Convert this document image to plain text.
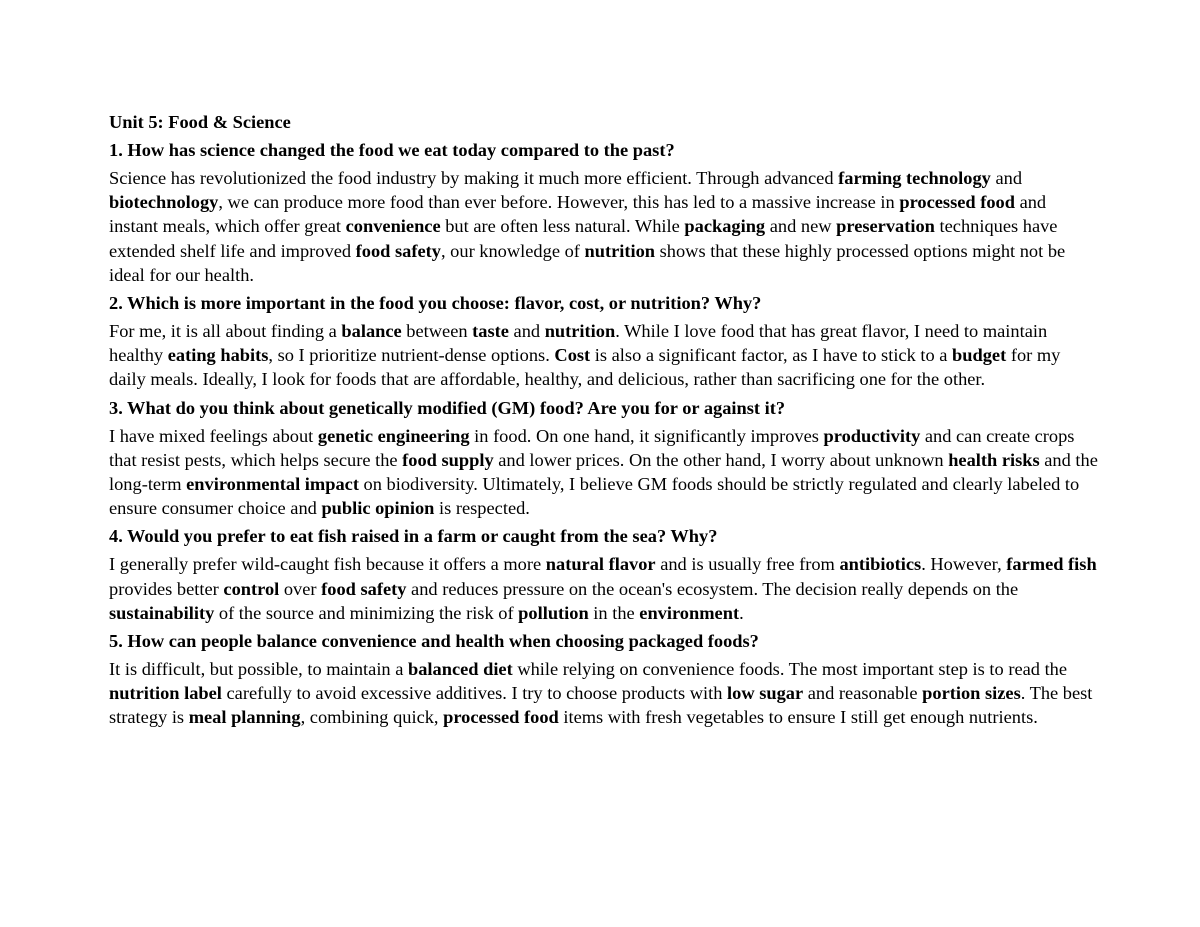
Unit 5: Food & Science

1. How has science changed the food we eat today compared to the past?

Science has revolutionized the food industry by making it much more efficient. Through advanced farming technology and biotechnology, we can produce more food than ever before. However, this has led to a massive increase in processed food and instant meals, which offer great convenience but are often less natural. While packaging and new preservation techniques have extended shelf life and improved food safety, our knowledge of nutrition shows that these highly processed options might not be ideal for our health.

2. Which is more important in the food you choose: flavor, cost, or nutrition? Why?

For me, it is all about finding a balance between taste and nutrition. While I love food that has great flavor, I need to maintain healthy eating habits, so I prioritize nutrient-dense options. Cost is also a significant factor, as I have to stick to a budget for my daily meals. Ideally, I look for foods that are affordable, healthy, and delicious, rather than sacrificing one for the other.

3. What do you think about genetically modified (GM) food? Are you for or against it?

I have mixed feelings about genetic engineering in food. On one hand, it significantly improves productivity and can create crops that resist pests, which helps secure the food supply and lower prices. On the other hand, I worry about unknown health risks and the long-term environmental impact on biodiversity. Ultimately, I believe GM foods should be strictly regulated and clearly labeled to ensure consumer choice and public opinion is respected.

4. Would you prefer to eat fish raised in a farm or caught from the sea? Why?

I generally prefer wild-caught fish because it offers a more natural flavor and is usually free from antibiotics. However, farmed fish provides better control over food safety and reduces pressure on the ocean's ecosystem. The decision really depends on the sustainability of the source and minimizing the risk of pollution in the environment.

5. How can people balance convenience and health when choosing packaged foods?

It is difficult, but possible, to maintain a balanced diet while relying on convenience foods. The most important step is to read the nutrition label carefully to avoid excessive additives. I try to choose products with low sugar and reasonable portion sizes. The best strategy is meal planning, combining quick, processed food items with fresh vegetables to ensure I still get enough nutrients.
